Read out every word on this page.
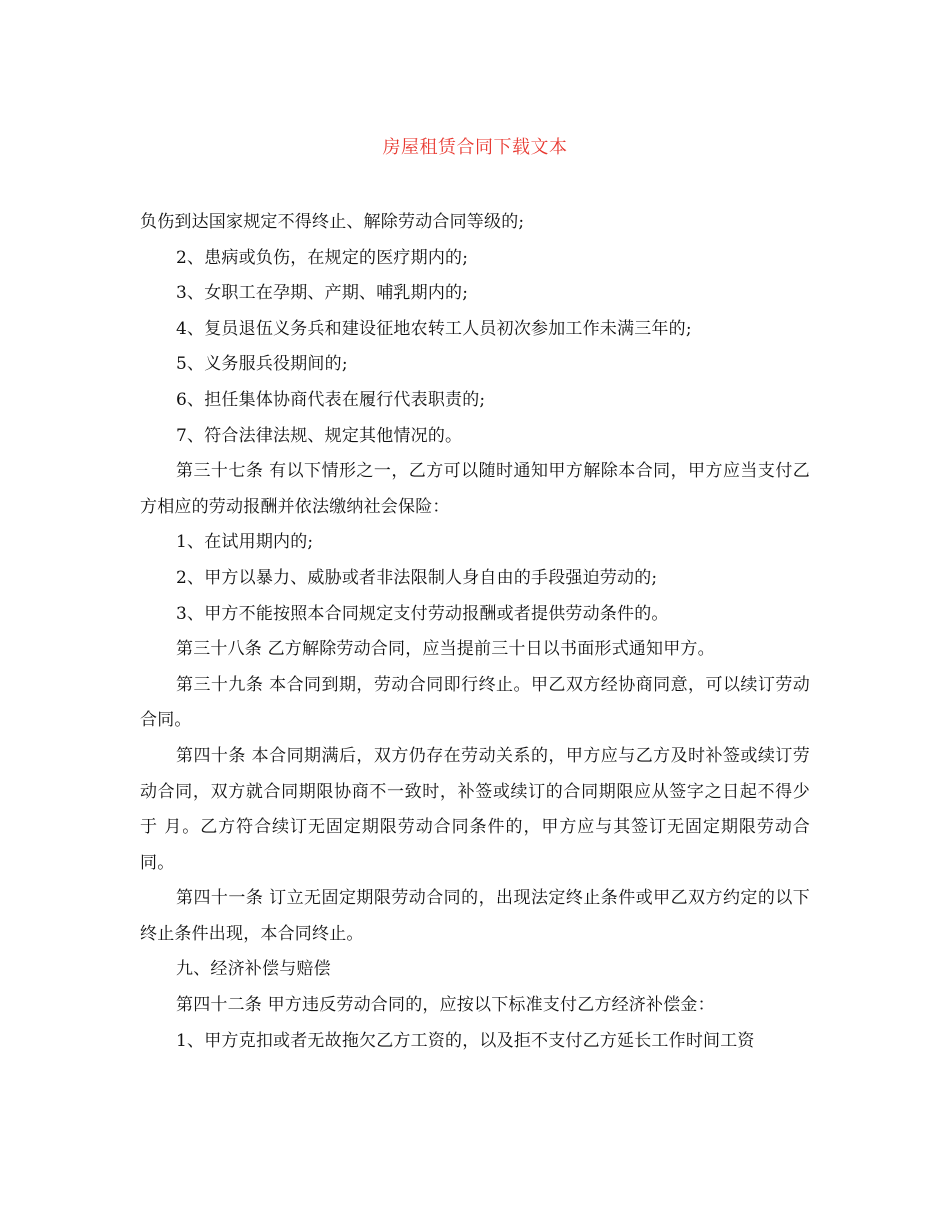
房屋租赁合同下载文本

负伤到达国家规定不得终止、解除劳动合同等级的;

2、患病或负伤，在规定的医疗期内的;

3、女职工在孕期、产期、哺乳期内的;

4、复员退伍义务兵和建设征地农转工人员初次参加工作未满三年的;

5、义务服兵役期间的;

6、担任集体协商代表在履行代表职责的;

7、符合法律法规、规定其他情况的。

第三十七条 有以下情形之一，乙方可以随时通知甲方解除本合同，甲方应当支付乙方相应的劳动报酬并依法缴纳社会保险：

1、在试用期内的;

2、甲方以暴力、威胁或者非法限制人身自由的手段强迫劳动的;

3、甲方不能按照本合同规定支付劳动报酬或者提供劳动条件的。

第三十八条 乙方解除劳动合同，应当提前三十日以书面形式通知甲方。

第三十九条 本合同到期，劳动合同即行终止。甲乙双方经协商同意，可以续订劳动合同。

第四十条 本合同期满后，双方仍存在劳动关系的，甲方应与乙方及时补签或续订劳动合同，双方就合同期限协商不一致时，补签或续订的合同期限应从签字之日起不得少于 月。乙方符合续订无固定期限劳动合同条件的，甲方应与其签订无固定期限劳动合同。

第四十一条 订立无固定期限劳动合同的，出现法定终止条件或甲乙双方约定的以下终止条件出现，本合同终止。

九、经济补偿与赔偿

第四十二条 甲方违反劳动合同的，应按以下标准支付乙方经济补偿金：

1、甲方克扣或者无故拖欠乙方工资的，以及拒不支付乙方延长工作时间工资
